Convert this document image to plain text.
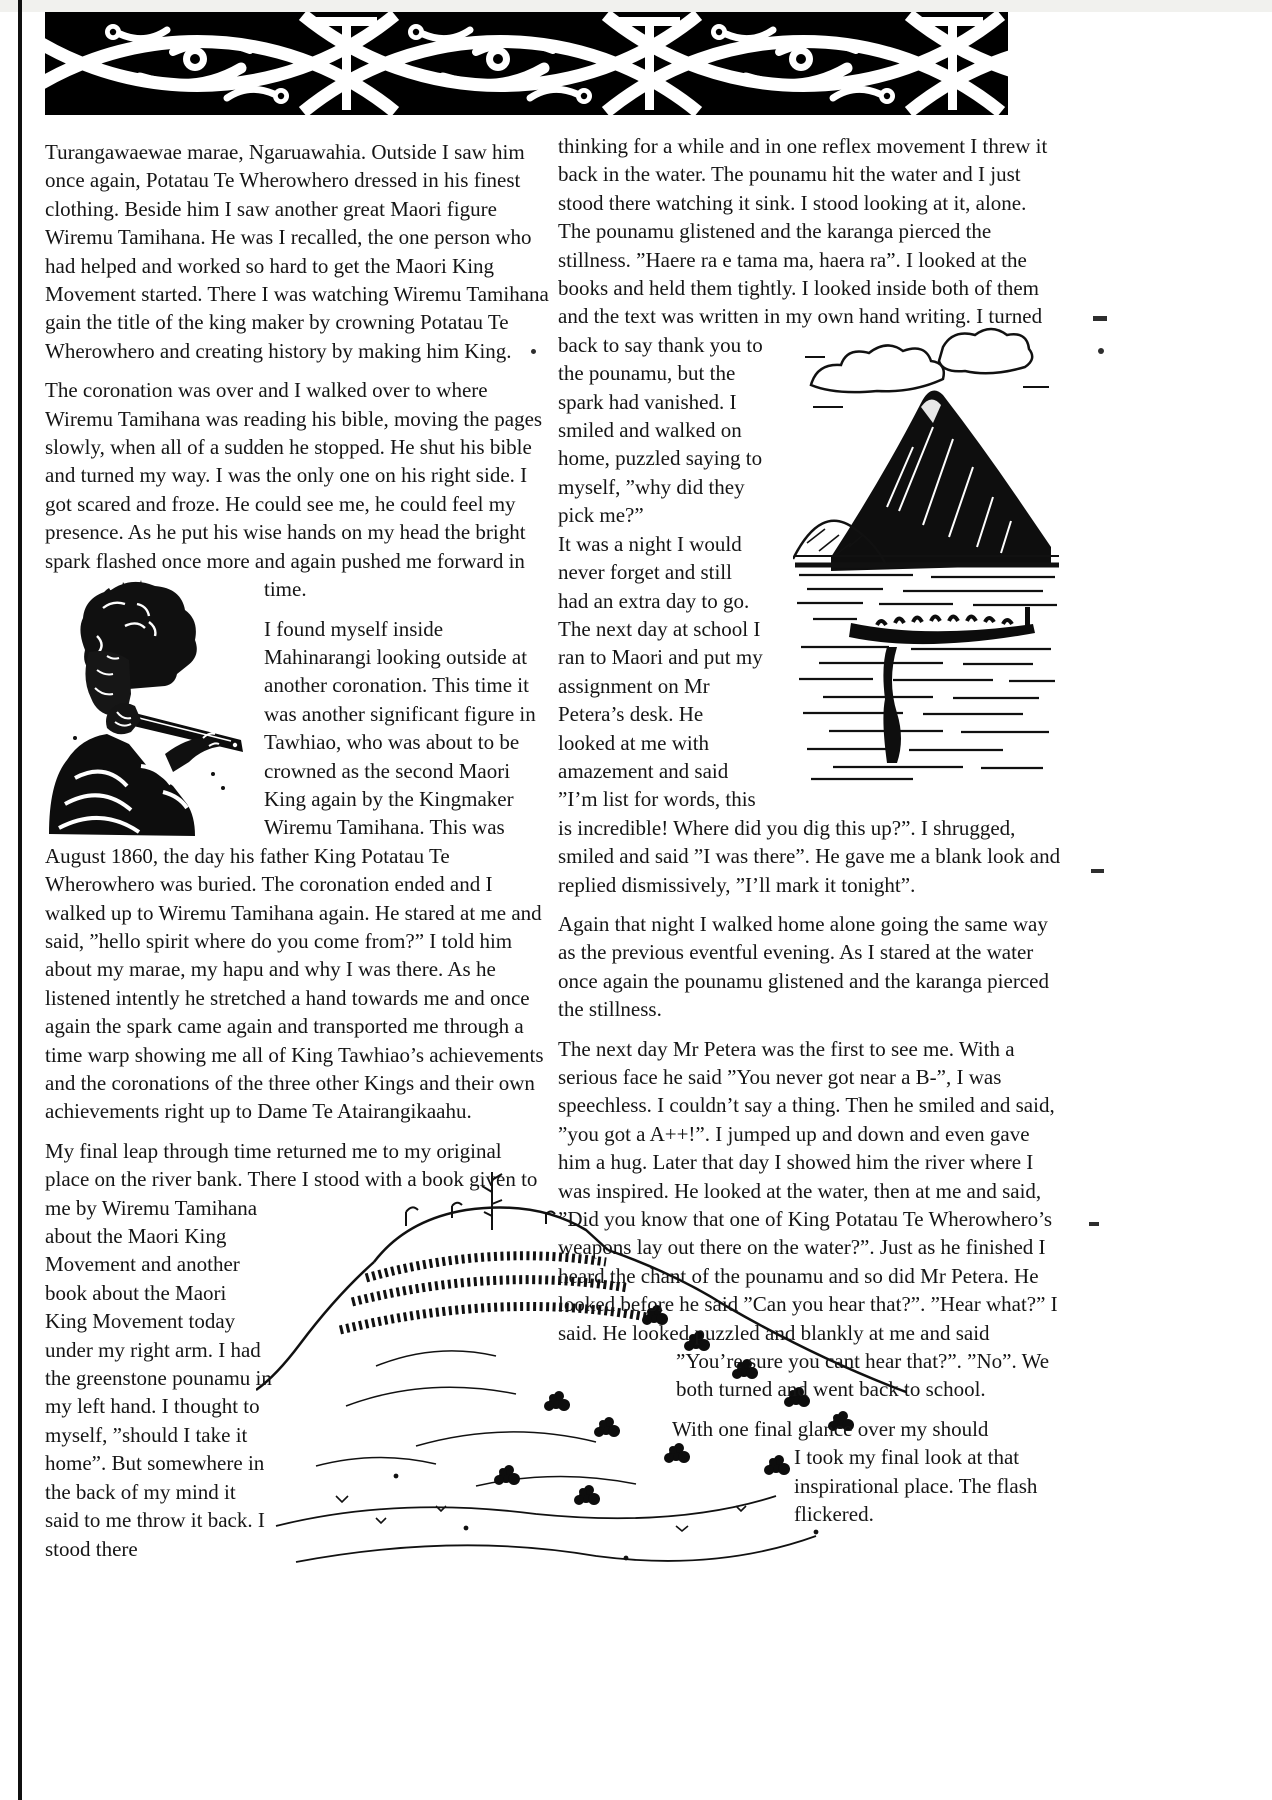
Turangawaewae marae, Ngaruawahia. Outside I saw him once again, Potatau Te Wherowhero dressed in his finest clothing. Beside him I saw another great Maori figure Wiremu Tamihana. He was I recalled, the one person who had helped and worked so hard to get the Maori King Movement started. There I was watching Wiremu Tamihana gain the title of the king maker by crowning Potatau Te Wherowhero and creating history by making him King.

The coronation was over and I walked over to where Wiremu Tamihana was reading his bible, moving the pages slowly, when all of a sudden he stopped. He shut his bible and turned my way. I was the only one on his right side. I got scared and froze. He could see me, he could feel my presence. As he put his wise hands on my head the bright spark flashed once more and again pushed me forward in time.

I found myself inside Mahinarangi looking outside at another coronation. This time it was another significant figure in Tawhiao, who was about to be crowned as the second Maori King again by the Kingmaker Wiremu Tamihana. This was August 1860, the day his father King Potatau Te Wherowhero was buried. The coronation ended and I walked up to Wiremu Tamihana again. He stared at me and said, ”hello spirit where do you come from?” I told him about my marae, my hapu and why I was there. As he listened intently he stretched a hand towards me and once again the spark came again and transported me through a time warp showing me all of King Tawhiao’s achievements and the coronations of the three other Kings and their own achievements right up to Dame Te Atairangikaahu.

My final leap through time returned me to my original place on the river bank. There I stood with a book given to me by Wiremu Tamihana about the Maori King Movement and another book about the Maori King Movement today under my right arm. I had the greenstone pounamu in my left hand. I thought to myself, ”should I take it home”. But somewhere in the back of my mind it said to me throw it back. I stood there

thinking for a while and in one reflex movement I threw it back in the water. The pounamu hit the water and I just stood there watching it sink. I stood looking at it, alone. The pounamu glistened and the karanga pierced the stillness. ”Haere ra e tama ma, haera ra”. I looked at the books and held them tightly. I looked inside both of them and the text was written in my own hand writing. I turned
back to say thank you to the pounamu, but the spark had vanished. I smiled and walked on home, puzzled saying to myself, ”why did they pick me?”
It was a night I would never forget and still had an extra day to go. The next day at school I ran to Maori and put my assignment on Mr Petera’s desk. He looked at me with amazement and said ”I’m list for words, this is incredible! Where did you dig this up?”. I shrugged, smiled and said ”I was there”. He gave me a blank look and replied dismissively, ”I’ll mark it tonight”.

Again that night I walked home alone going the same way as the previous eventful evening. As I stared at the water once again the pounamu glistened and the karanga pierced the stillness.

The next day Mr Petera was the first to see me. With a serious face he said ”You never got near a B-”, I was speechless. I couldn’t say a thing. Then he smiled and said, ”you got a A++!”. I jumped up and down and even gave him a hug. Later that day I showed him the river where I was inspired. He looked at the water, then at me and said, ”Did you know that one of King Potatau Te Wherowhero’s weapons lay out there on the water?”. Just as he finished I heard the chant of the pounamu and so did Mr Petera. He looked before he said ”Can you hear that?”. ”Hear what?” I said. He looked puzzled and blankly at me and said ”You’re sure you cant hear that?”. ”No”. We both turned and went back to school.

With one final glance over my should
I took my final look at that inspirational place. The flash flickered.
